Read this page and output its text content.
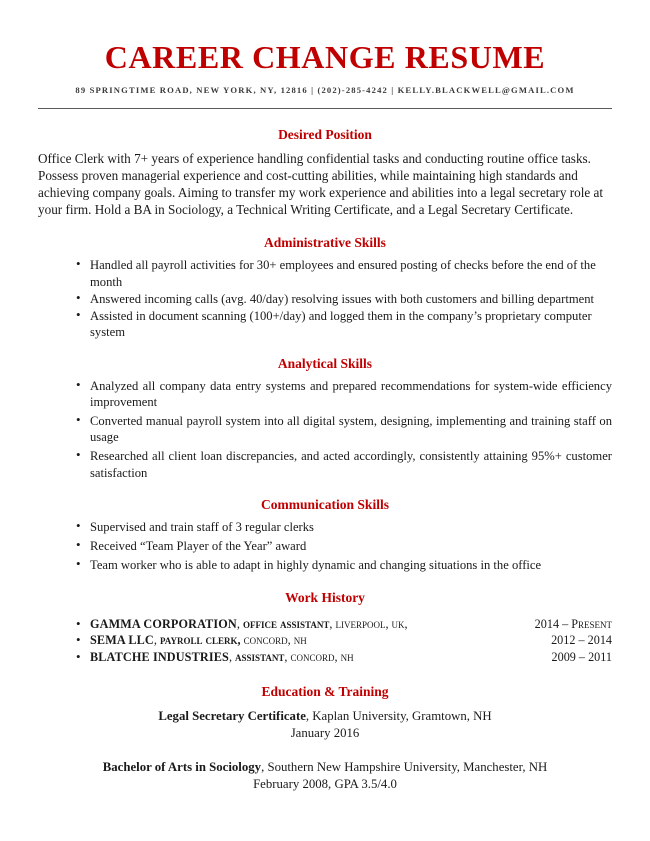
CAREER CHANGE RESUME
89 SPRINGTIME ROAD, NEW YORK, NY, 12816 | (202)-285-4242 | KELLY.BLACKWELL@GMAIL.COM
Desired Position

Office Clerk with 7+ years of experience handling confidential tasks and conducting routine office tasks. Possess proven managerial experience and cost-cutting abilities, while maintaining high standards and achieving company goals. Aiming to transfer my work experience and abilities into a legal secretary role at your firm. Hold a BA in Sociology, a Technical Writing Certificate, and a Legal Secretary Certificate.

Administrative Skills
• Handled all payroll activities for 30+ employees and ensured posting of checks before the end of the month
• Answered incoming calls (avg. 40/day) resolving issues with both customers and billing department
• Assisted in document scanning (100+/day) and logged them in the company’s proprietary computer system
Analytical Skills
• Analyzed all company data entry systems and prepared recommendations for system-wide efficiency improvement
• Converted manual payroll system into all digital system, designing, implementing and training staff on usage
• Researched all client loan discrepancies, and acted accordingly, consistently attaining 95%+ customer satisfaction
Communication Skills
• Supervised and train staff of 3 regular clerks
• Received “Team Player of the Year” award
• Team worker who is able to adapt in highly dynamic and changing situations in the office
Work History
• GAMMA CORPORATION, office assistant, liverpool, uk,	2014 – Present
• SEMA LLC, payroll clerk, concord, nh	2012 – 2014
• BLATCHE INDUSTRIES, assistant, concord, nh	2009 – 2011
Education & Training
Legal Secretary Certificate, Kaplan University, Gramtown, NH
January 2016
Bachelor of Arts in Sociology, Southern New Hampshire University, Manchester, NH
February 2008, GPA 3.5/4.0
